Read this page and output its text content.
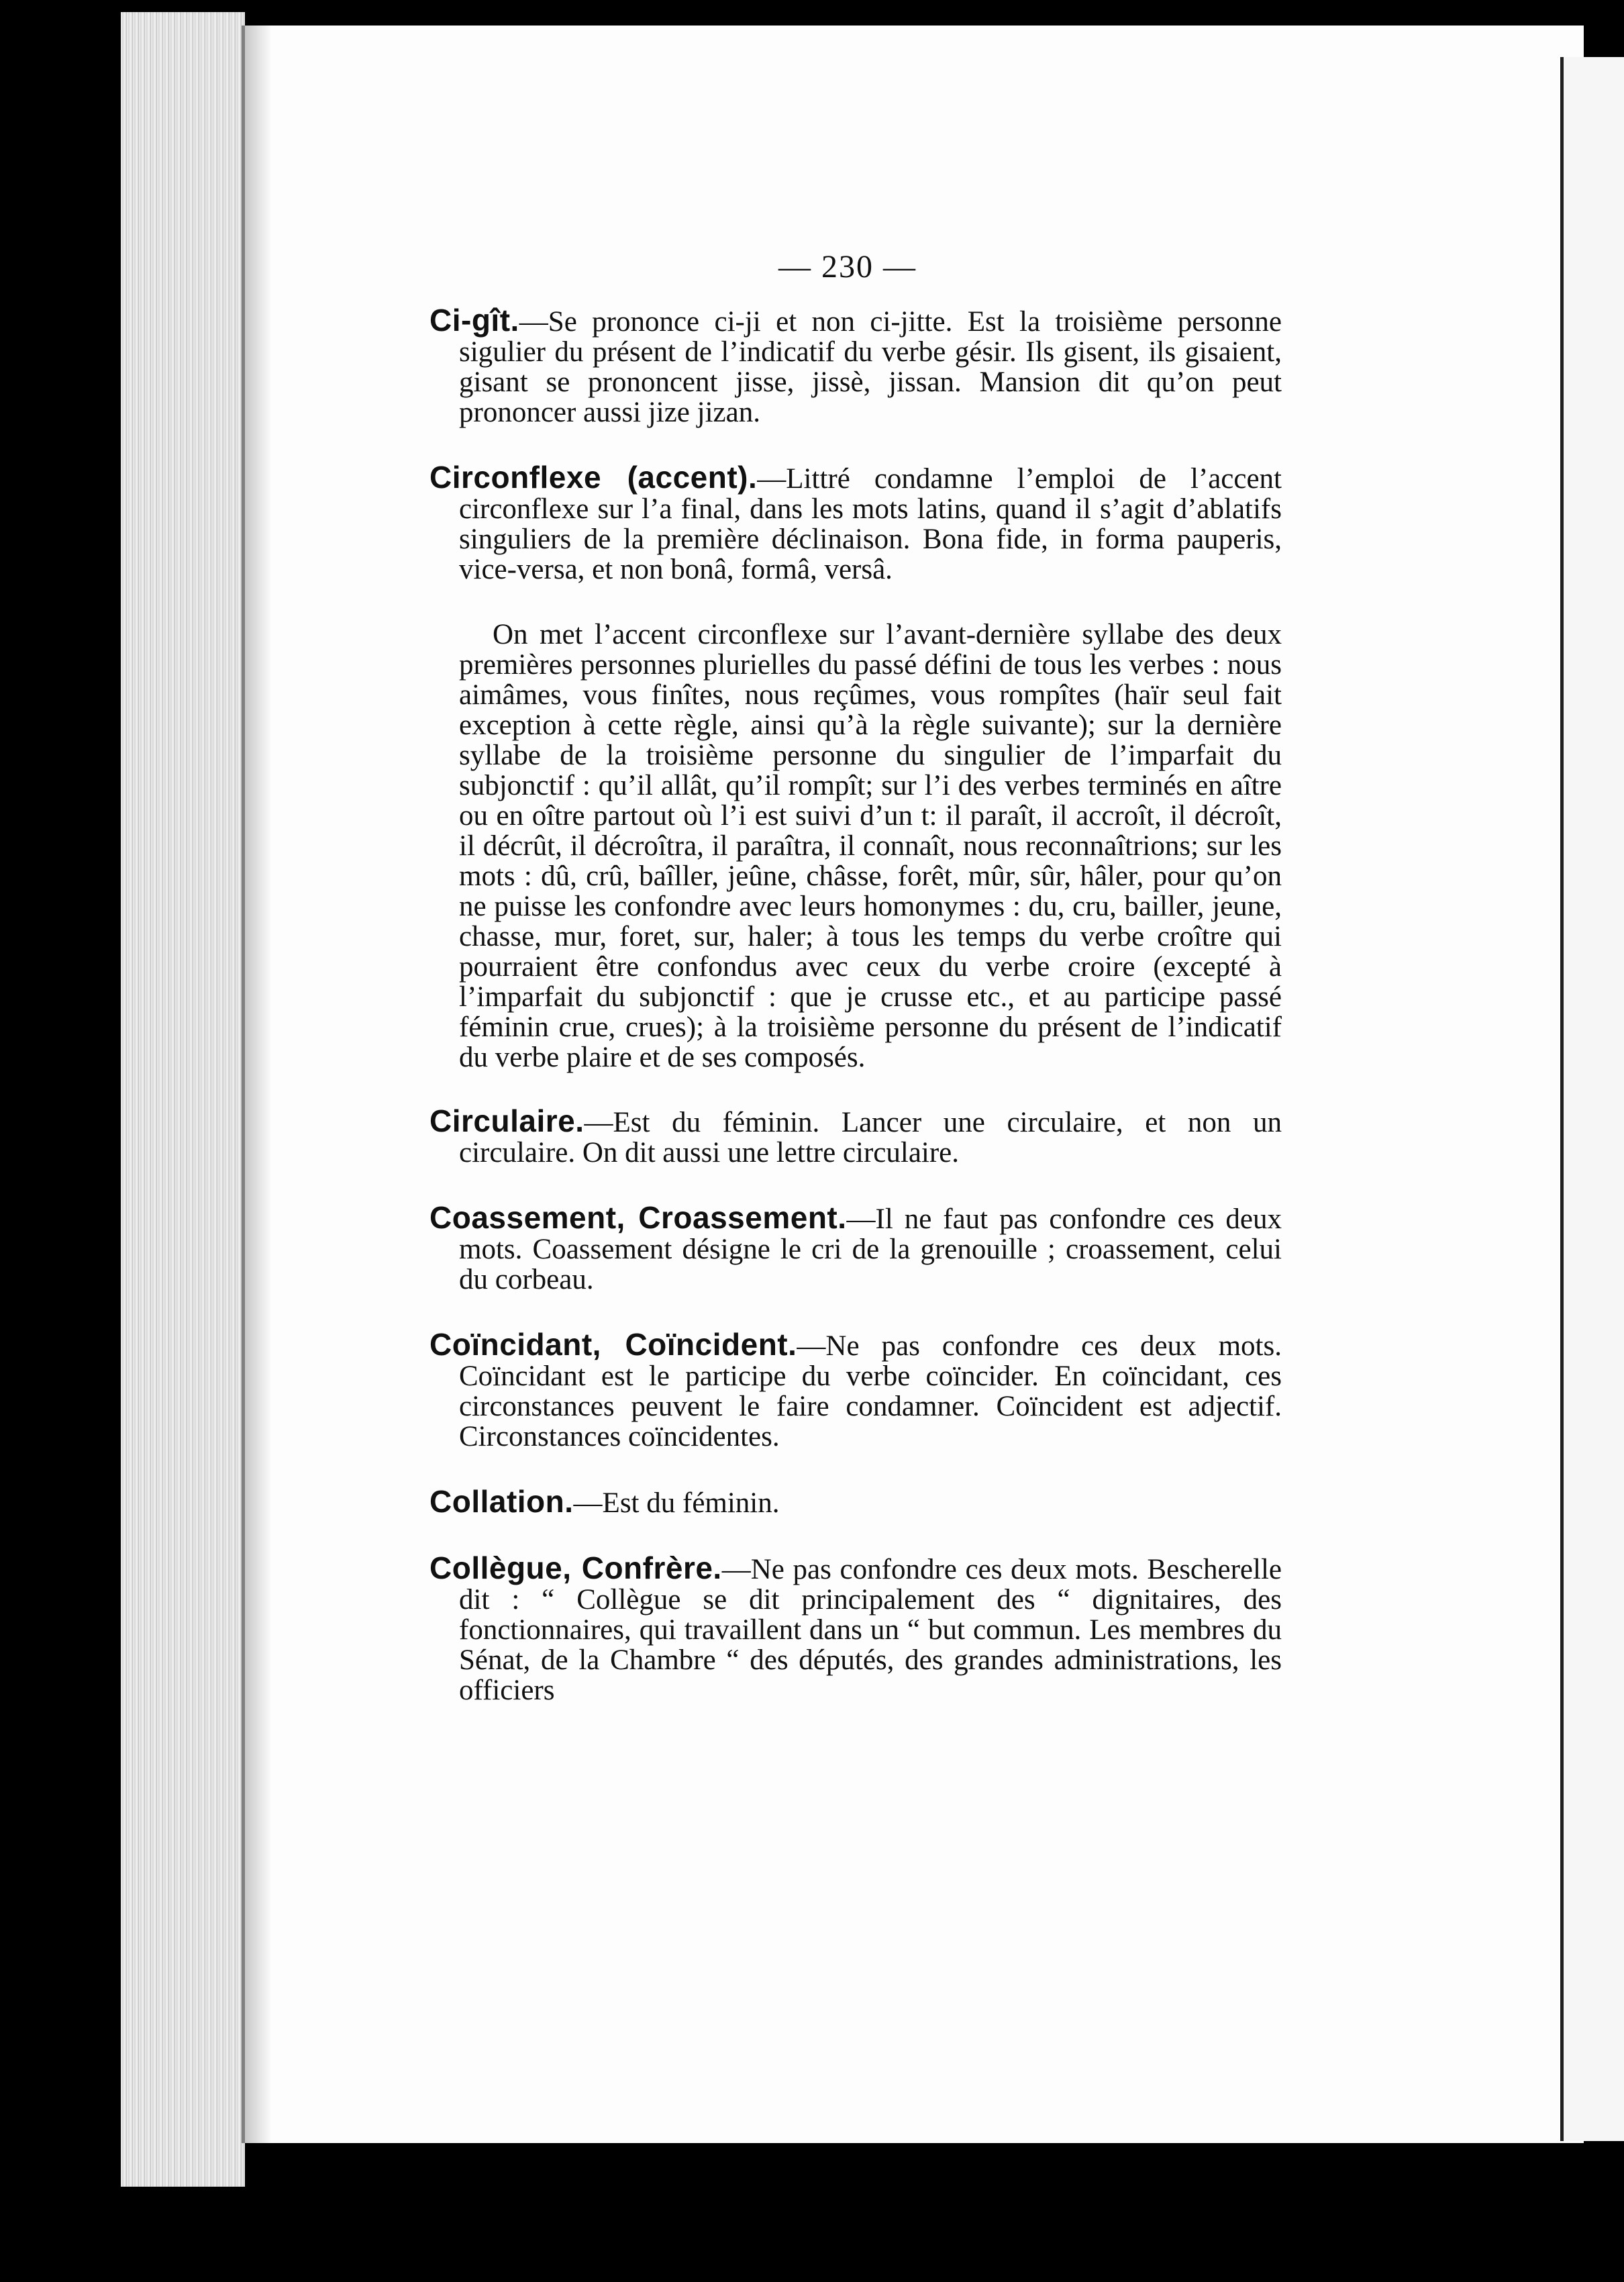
— 230 —
Ci-gît.—Se prononce ci-ji et non ci-jitte. Est la troisième personne sigulier du présent de l’indicatif du verbe gésir. Ils gisent, ils gisaient, gisant se prononcent jisse, jissè, jissan. Mansion dit qu’on peut prononcer aussi jize jizan.
Circonflexe (accent).—Littré condamne l’emploi de l’accent circonflexe sur l’a final, dans les mots latins, quand il s’agit d’ablatifs singuliers de la première déclinaison. Bona fide, in forma pauperis, vice-versa, et non bonâ, formâ, versâ.
On met l’accent circonflexe sur l’avant-dernière syllabe des deux premières personnes plurielles du passé défini de tous les verbes : nous aimâmes, vous finîtes, nous reçûmes, vous rompîtes (haïr seul fait exception à cette règle, ainsi qu’à la règle suivante); sur la dernière syllabe de la troisième personne du singulier de l’imparfait du subjonctif : qu’il allât, qu’il rompît; sur l’i des verbes terminés en aître ou en oître partout où l’i est suivi d’un t: il paraît, il accroît, il décroît, il décrût, il décroîtra, il paraîtra, il connaît, nous reconnaîtrions; sur les mots : dû, crû, baîller, jeûne, châsse, forêt, mûr, sûr, hâler, pour qu’on ne puisse les confondre avec leurs homonymes : du, cru, bailler, jeune, chasse, mur, foret, sur, haler; à tous les temps du verbe croître qui pourraient être confondus avec ceux du verbe croire (excepté à l’imparfait du subjonctif : que je crusse etc., et au participe passé féminin crue, crues); à la troisième personne du présent de l’indicatif du verbe plaire et de ses composés.
Circulaire.—Est du féminin. Lancer une circulaire, et non un circulaire. On dit aussi une lettre circulaire.
Coassement, Croassement.—Il ne faut pas confondre ces deux mots. Coassement désigne le cri de la grenouille ; croassement, celui du corbeau.
Coïncidant, Coïncident.—Ne pas confondre ces deux mots. Coïncidant est le participe du verbe coïncider. En coïncidant, ces circonstances peuvent le faire condamner. Coïncident est adjectif. Circonstances coïncidentes.
Collation.—Est du féminin.
Collègue, Confrère.—Ne pas confondre ces deux mots. Bescherelle dit : “ Collègue se dit principalement des “ dignitaires, des fonctionnaires, qui travaillent dans un “ but commun. Les membres du Sénat, de la Chambre “ des députés, des grandes administrations, les officiers
